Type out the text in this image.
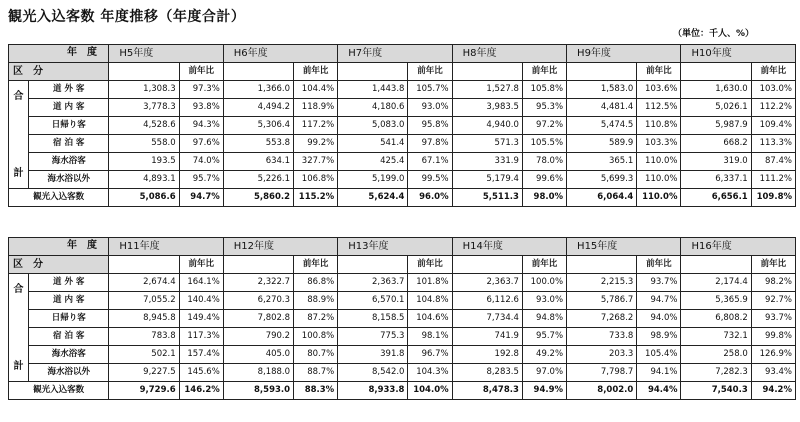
観光入込客数 年度推移（年度合計）
（単位：千人、%）
年　度		H5年度		H6年度		H7年度		H8年度		H9年度		H10年度	
区　分			前年比		前年比		前年比		前年比		前年比		前年比

合
計	道 外 客	1,308.3	97.3%	1,366.0	104.4%	1,443.8	105.7%	1,527.8	105.8%	1,583.0	103.6%	1,630.0	103.0%
	道 内 客	3,778.3	93.8%	4,494.2	118.9%	4,180.6	93.0%	3,983.5	95.3%	4,481.4	112.5%	5,026.1	112.2%
	日帰り客	4,528.6	94.3%	5,306.4	117.2%	5,083.0	95.8%	4,940.0	97.2%	5,474.5	110.8%	5,987.9	109.4%
	宿 泊 客	558.0	97.6%	553.8	99.2%	541.4	97.8%	571.3	105.5%	589.9	103.3%	668.2	113.3%
	海水浴客	193.5	74.0%	634.1	327.7%	425.4	67.1%	331.9	78.0%	365.1	110.0%	319.0	87.4%
	海水浴以外	4,893.1	95.7%	5,226.1	106.8%	5,199.0	99.5%	5,179.4	99.6%	5,699.3	110.0%	6,337.1	111.2%
観光入込客数		5,086.6	94.7%	5,860.2	115.2%	5,624.4	96.0%	5,511.3	98.0%	6,064.4	110.0%	6,656.1	109.8%
年　度		H11年度		H12年度		H13年度		H14年度		H15年度		H16年度	
区　分			前年比		前年比		前年比		前年比		前年比		前年比

合
計	道 外 客	2,674.4	164.1%	2,322.7	86.8%	2,363.7	101.8%	2,363.7	100.0%	2,215.3	93.7%	2,174.4	98.2%
	道 内 客	7,055.2	140.4%	6,270.3	88.9%	6,570.1	104.8%	6,112.6	93.0%	5,786.7	94.7%	5,365.9	92.7%
	日帰り客	8,945.8	149.4%	7,802.8	87.2%	8,158.5	104.6%	7,734.4	94.8%	7,268.2	94.0%	6,808.2	93.7%
	宿 泊 客	783.8	117.3%	790.2	100.8%	775.3	98.1%	741.9	95.7%	733.8	98.9%	732.1	99.8%
	海水浴客	502.1	157.4%	405.0	80.7%	391.8	96.7%	192.8	49.2%	203.3	105.4%	258.0	126.9%
	海水浴以外	9,227.5	145.6%	8,188.0	88.7%	8,542.0	104.3%	8,283.5	97.0%	7,798.7	94.1%	7,282.3	93.4%
観光入込客数		9,729.6	146.2%	8,593.0	88.3%	8,933.8	104.0%	8,478.3	94.9%	8,002.0	94.4%	7,540.3	94.2%
